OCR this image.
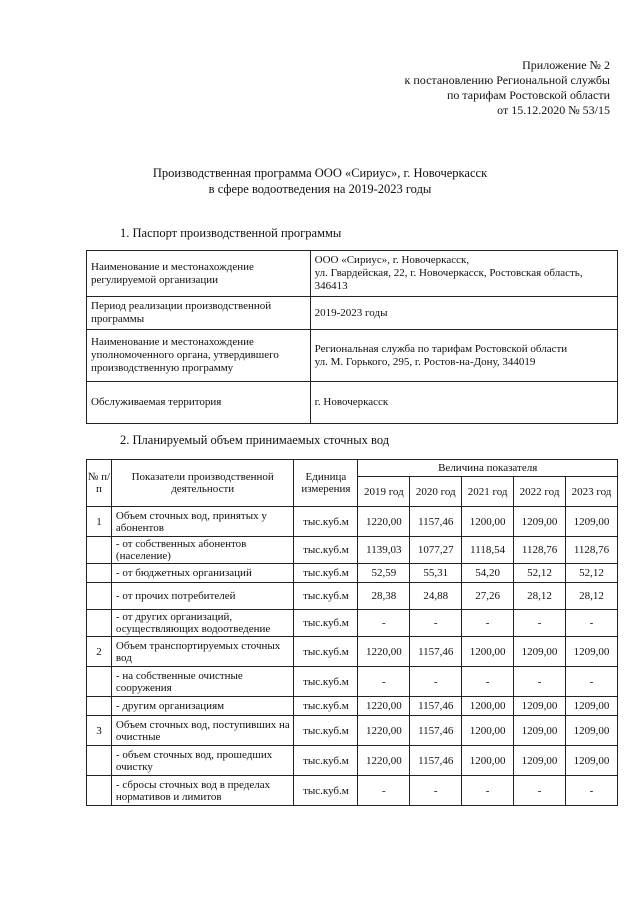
Приложение № 2
к постановлению Региональной службы
по тарифам Ростовской области
от 15.12.2020 № 53/15
Производственная программа ООО «Сириус», г. Новочеркасск
в сфере водоотведения на 2019-2023 годы
1. Паспорт производственной программы
Наименование и местонахождение регулируемой организации	ООО «Сириус», г. Новочеркасск,
ул. Гвардейская, 22, г. Новочеркасск, Ростовская область, 346413

Период реализации производственной программы	2019-2023 годы

Наименование и местонахождение уполномоченного органа, утвердившего производственную программу	Региональная служба по тарифам Ростовской области
ул. М. Горького, 295, г. Ростов-на-Дону, 344019

Обслуживаемая территория	г. Новочеркасск
2. Планируемый объем принимаемых сточных вод
№ п/п	Показатели производственной деятельности	Единица измерения	Величина показателя				
			2019 год	2020 год	2021 год	2022 год	2023 год
1	Объем сточных вод, принятых у абонентов	тыс.куб.м	1220,00	1157,46	1200,00	1209,00	1209,00
	- от собственных абонентов (население)	тыс.куб.м	1139,03	1077,27	1118,54	1128,76	1128,76
	- от бюджетных организаций	тыс.куб.м	52,59	55,31	54,20	52,12	52,12
	- от прочих потребителей	тыс.куб.м	28,38	24,88	27,26	28,12	28,12
	- от других организаций, осуществляющих водоотведение	тыс.куб.м	-	-	-	-	-
2	Объем транспортируемых сточных вод	тыс.куб.м	1220,00	1157,46	1200,00	1209,00	1209,00
	- на собственные очистные сооружения	тыс.куб.м	-	-	-	-	-
	- другим организациям	тыс.куб.м	1220,00	1157,46	1200,00	1209,00	1209,00
3	Объем сточных вод, поступивших на очистные	тыс.куб.м	1220,00	1157,46	1200,00	1209,00	1209,00
	- объем сточных вод, прошедших очистку	тыс.куб.м	1220,00	1157,46	1200,00	1209,00	1209,00
	- сбросы сточных вод в пределах нормативов и лимитов	тыс.куб.м	-	-	-	-	-
